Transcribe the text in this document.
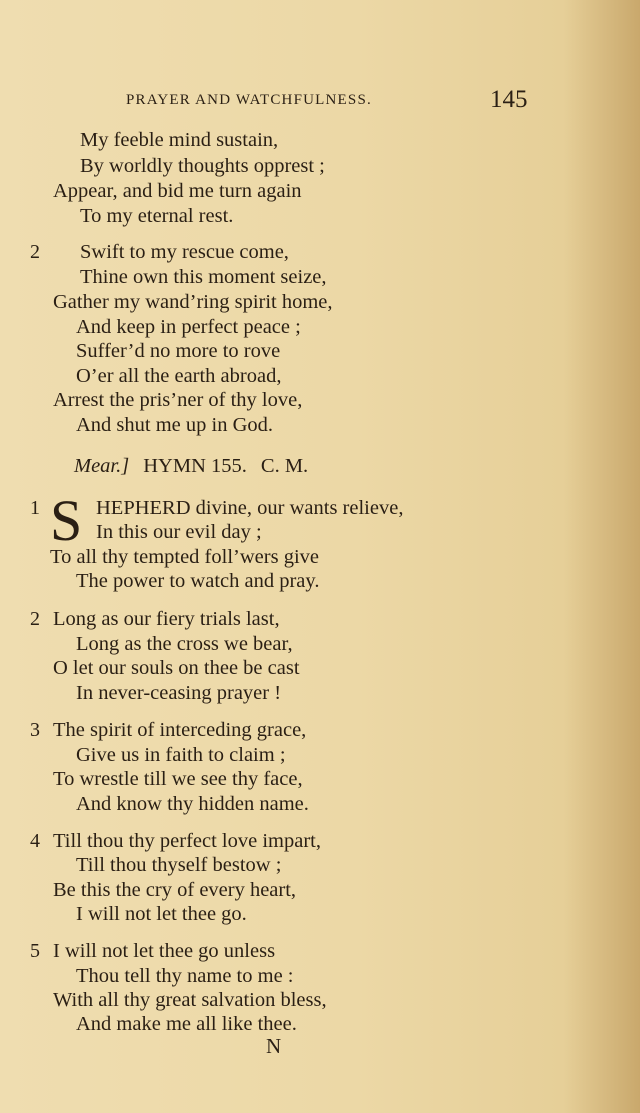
PRAYER AND WATCHFULNESS.	145
My feeble mind sustain,
By worldly thoughts opprest ;
Appear, and bid me turn again
To my eternal rest.
2 Swift to my rescue come,
Thine own this moment seize,
Gather my wand’ring spirit home,
And keep in perfect peace ;
Suffer’d no more to rove
O’er all the earth abroad,
Arrest the pris’ner of thy love,
And shut me up in God.
Mear.] HYMN 155. C. M.
1 S HEPHERD divine, our wants relieve,
In this our evil day ;
To all thy tempted foll’wers give
The power to watch and pray.
2 Long as our fiery trials last,
Long as the cross we bear,
O let our souls on thee be cast
In never-ceasing prayer !
3 The spirit of interceding grace,
Give us in faith to claim ;
To wrestle till we see thy face,
And know thy hidden name.
4 Till thou thy perfect love impart,
Till thou thyself bestow ;
Be this the cry of every heart,
I will not let thee go.
5 I will not let thee go unless
Thou tell thy name to me :
With all thy great salvation bless,
And make me all like thee.
N
